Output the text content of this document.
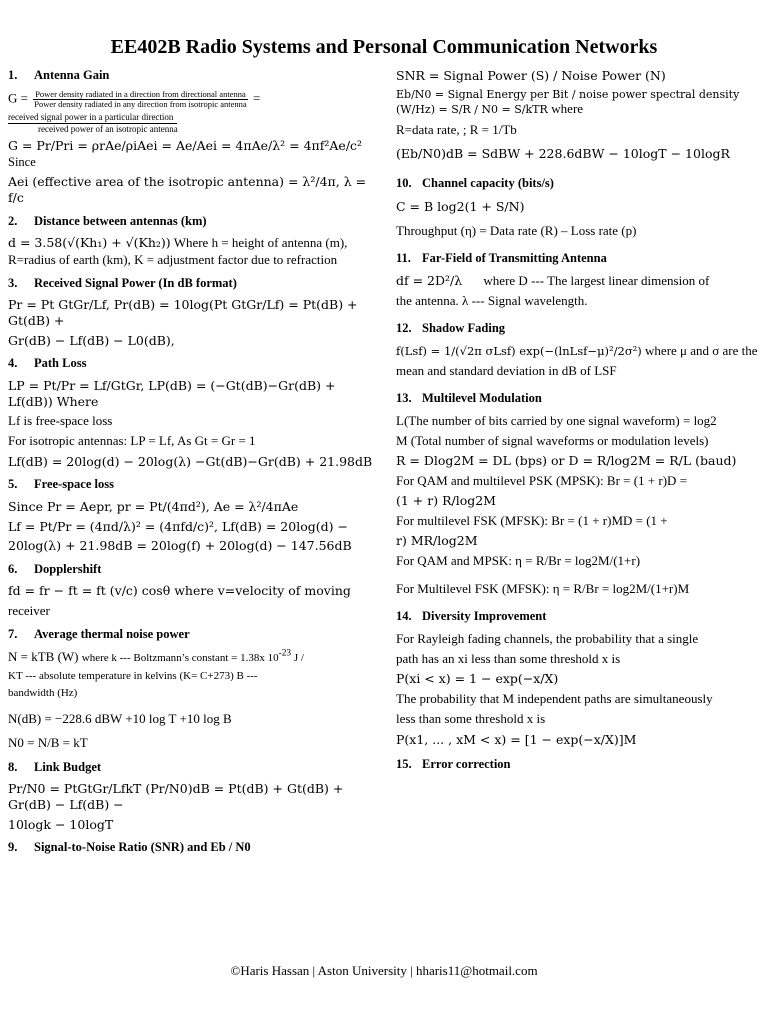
EE402B Radio Systems and Personal Communication Networks
1. Antenna Gain
G = Power density radiated in a direction from directional antenna
Power density radiated in any direction from isotropic antenna =
received signal power in a particular direction
received power of an isotropic antenna
G = Pr/Pri = ρrAe/ρiAei = Ae/Aei = 4πAe/λ² = 4πf²Ae/c² Since
Aei (effective area of the isotropic antenna) = λ²/4π, λ = f/c
2. Distance between antennas (km)
d = 3.58(√(Kh₁) + √(Kh₂)) Where h = height of antenna (m), R=radius of earth (km), K = adjustment factor due to refraction
3. Received Signal Power (In dB format)
Pr = Pt GtGr/Lf, Pr(dB) = 10log(Pt GtGr/Lf) = Pt(dB) + Gt(dB) +
Gr(dB) − Lf(dB) − L0(dB),
4. Path Loss
LP = Pt/Pr = Lf/GtGr, LP(dB) = (−Gt(dB)−Gr(dB) + Lf(dB)) Where
Lf is free-space loss
For isotropic antennas: LP = Lf, As Gt = Gr = 1
Lf(dB) = 20log(d) − 20log(λ) −Gt(dB)−Gr(dB) + 21.98dB
5. Free-space loss
Since Pr = Aepr, pr = Pt/(4πd²), Ae = λ²/4πAe
Lf = Pt/Pr = (4πd/λ)² = (4πfd/c)², Lf(dB) = 20log(d) −
20log(λ) + 21.98dB = 20log(f) + 20log(d) − 147.56dB
6. Dopplershift
fd = fr − ft = ft (v/c) cosθ where v=velocity of moving
receiver
7. Average thermal noise power
N = kTB (W) where k --- Boltzmann’s constant = 1.38x $10^{-23}$ J /
KT --- absolute temperature in kelvins (K= C+273) B ---
bandwidth (Hz)
N(dB) = −228.6 dBW +10 log T +10 log B
N0 = N/B = kT
8. Link Budget
Pr/N0 = PtGtGr/LfkT (Pr/N0)dB = Pt(dB) + Gt(dB) + Gr(dB) − Lf(dB) −
10logk − 10logT
9. Signal-to-Noise Ratio (SNR) and Eb / N0
SNR = Signal Power (S) / Noise Power (N)
Eb/N0 = Signal Energy per Bit / noise power spectral density (W/Hz) = S/R / N0 = S/kTR where
R=data rate, ; R = 1/Tb
(Eb/N0)dB = SdBW + 228.6dBW − 10logT − 10logR
10. Channel capacity (bits/s)
C = B log2(1 + S/N)
Throughput (η) = Data rate (R) – Loss rate (p)
11. Far-Field of Transmitting Antenna
df = 2D²/λ where D --- The largest linear dimension of
the antenna. λ --- Signal wavelength.
12. Shadow Fading
f(Lsf) = 1/(√2π σLsf) exp(−(lnLsf−μ)²/2σ²) where μ and σ are the
mean and standard deviation in dB of LSF
13. Multilevel Modulation
L(The number of bits carried by one signal waveform) = log2
M (Total number of signal waveforms or modulation levels)
R = Dlog2M = DL (bps) or D = R/log2M = R/L (baud)
For QAM and multilevel PSK (MPSK): Br = (1 + r)D =
(1 + r) R/log2M
For multilevel FSK (MFSK): Br = (1 + r)MD = (1 +
r) MR/log2M
For QAM and MPSK: η = R/Br = log2M/(1+r)
For Multilevel FSK (MFSK): η = R/Br = log2M/(1+r)M
14. Diversity Improvement
For Rayleigh fading channels, the probability that a single
path has an xi less than some threshold x is
P(xi < x) = 1 − exp(−x/X)
The probability that M independent paths are simultaneously
less than some threshold x is
P(x1, ... , xM < x) = [1 − exp(−x/X)]M
15. Error correction
©Haris Hassan | Aston University | hharis11@hotmail.com
